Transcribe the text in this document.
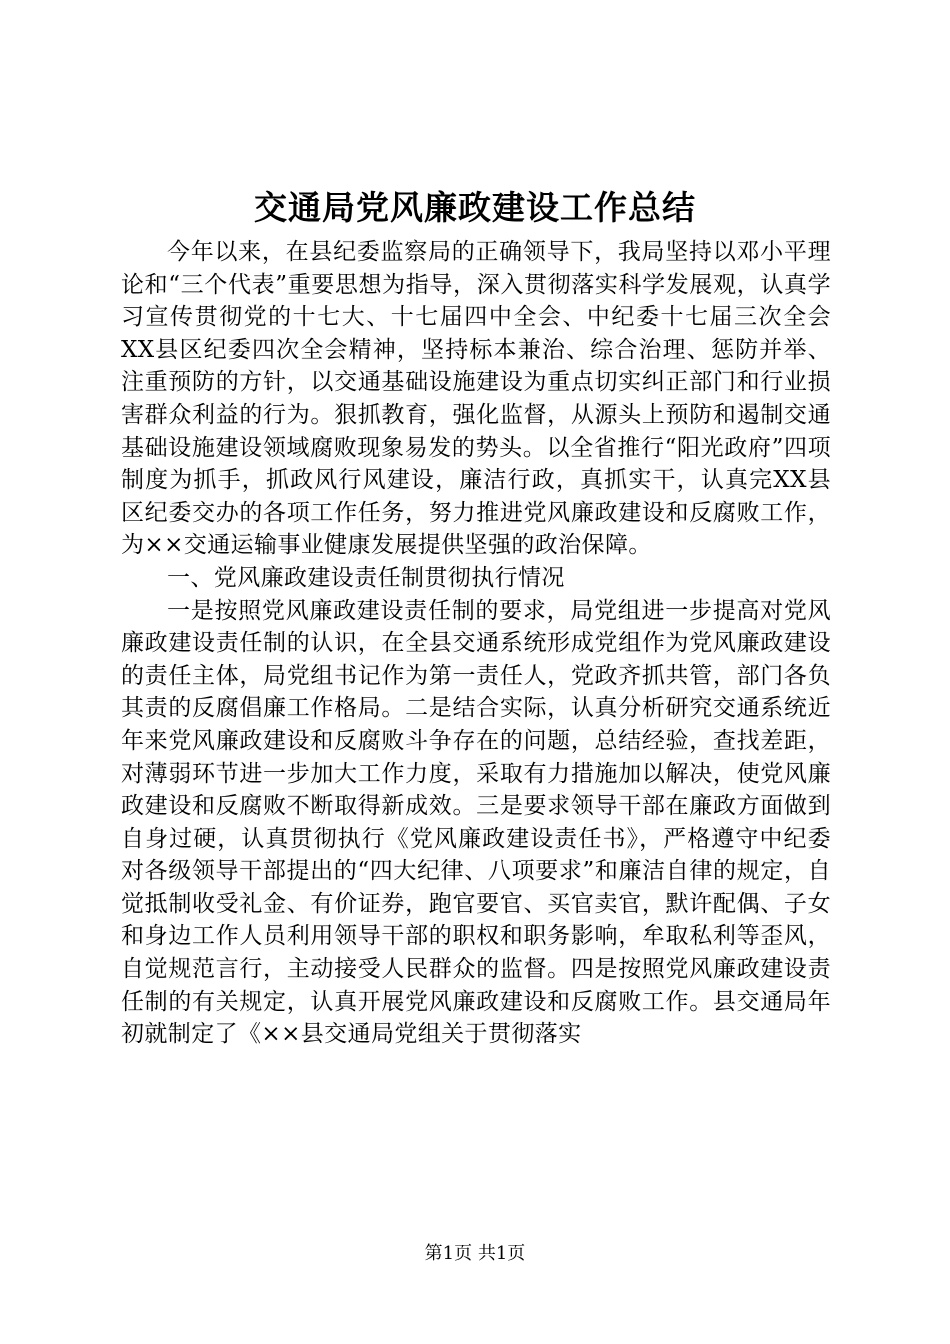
交通局党风廉政建设工作总结

今年以来，在县纪委监察局的正确领导下，我局坚持以邓小平理论和“三个代表”重要思想为指导，深入贯彻落实科学发展观，认真学习宣传贯彻党的十七大、十七届四中全会、中纪委十七届三次全会XX县区纪委四次全会精神，坚持标本兼治、综合治理、惩防并举、注重预防的方针，以交通基础设施建设为重点切实纠正部门和行业损害群众利益的行为。狠抓教育，强化监督，从源头上预防和遏制交通基础设施建设领域腐败现象易发的势头。以全省推行“阳光政府”四项制度为抓手，抓政风行风建设，廉洁行政，真抓实干，认真完XX县区纪委交办的各项工作任务，努力推进党风廉政建设和反腐败工作，为××交通运输事业健康发展提供坚强的政治保障。

一、党风廉政建设责任制贯彻执行情况

一是按照党风廉政建设责任制的要求，局党组进一步提高对党风廉政建设责任制的认识，在全县交通系统形成党组作为党风廉政建设的责任主体，局党组书记作为第一责任人，党政齐抓共管，部门各负其责的反腐倡廉工作格局。二是结合实际，认真分析研究交通系统近年来党风廉政建设和反腐败斗争存在的问题，总结经验，查找差距，对薄弱环节进一步加大工作力度，采取有力措施加以解决，使党风廉政建设和反腐败不断取得新成效。三是要求领导干部在廉政方面做到自身过硬，认真贯彻执行《党风廉政建设责任书》，严格遵守中纪委对各级领导干部提出的“四大纪律、八项要求”和廉洁自律的规定，自觉抵制收受礼金、有价证券，跑官要官、买官卖官，默许配偶、子女和身边工作人员利用领导干部的职权和职务影响，牟取私利等歪风，自觉规范言行，主动接受人民群众的监督。四是按照党风廉政建设责任制的有关规定，认真开展党风廉政建设和反腐败工作。县交通局年初就制定了《××县交通局党组关于贯彻落实

第1页 共1页
